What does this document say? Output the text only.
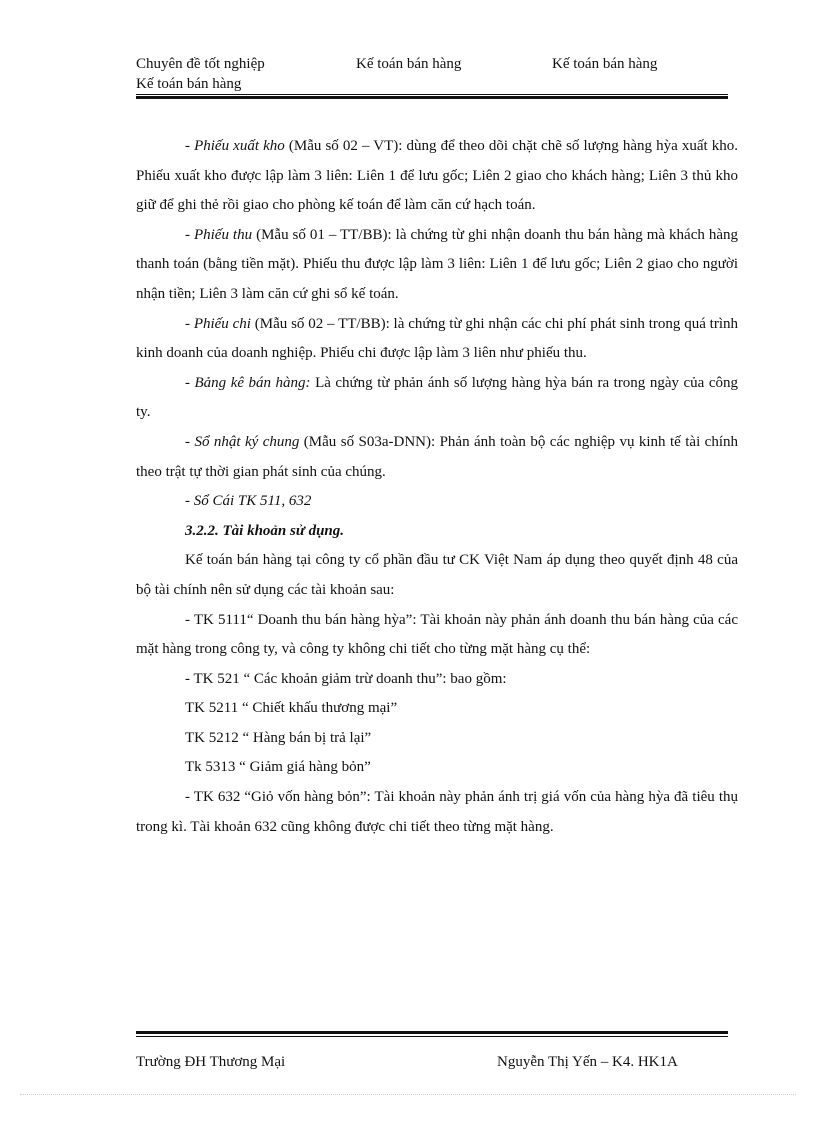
Chuyên đề tốt nghiệp	Kế toán bán hàng	Kế toán bán hàng
Kế toán bán hàng

- Phiếu xuất kho (Mẫu số 02 – VT): dùng để theo dõi chặt chẽ số lượng hàng hỳa xuất kho. Phiếu xuất kho được lập làm 3 liên: Liên 1 để lưu gốc; Liên 2 giao cho khách hàng; Liên 3 thủ kho giữ để ghi thẻ rồi giao cho phòng kế toán để làm căn cứ hạch toán.

- Phiếu thu (Mẫu số 01 – TT/BB): là chứng từ ghi nhận doanh thu bán hàng mà khách hàng thanh toán (bằng tiền mặt). Phiếu thu được lập làm 3 liên: Liên 1 để lưu gốc; Liên 2 giao cho người nhận tiền; Liên 3 làm căn cứ ghi sổ kế toán.

- Phiếu chi (Mẫu số 02 – TT/BB): là chứng từ ghi nhận các chi phí phát sinh trong quá trình kinh doanh của doanh nghiệp. Phiếu chi được lập làm 3 liên như phiếu thu.

- Bảng kê bán hàng: Là chứng từ phản ánh số lượng hàng hỳa bán ra trong ngày của công ty.

- Sổ nhật ký chung (Mẫu số S03a-DNN): Phản ánh toàn bộ các nghiệp vụ kinh tế tài chính theo trật tự thời gian phát sinh của chúng.

- Sổ Cái TK 511, 632

3.2.2. Tài khoản sử dụng.

Kế toán bán hàng tại công ty cổ phần đầu tư CK Việt Nam áp dụng theo quyết định 48 của bộ tài chính nên sử dụng các tài khoản sau:

- TK 5111“ Doanh thu bán hàng hỳa”: Tài khoản này phản ánh doanh thu bán hàng của các mặt hàng trong công ty, và công ty không chi tiết cho từng mặt hàng cụ thể:

- TK 521 “ Các khoản giảm trừ doanh thu”: bao gồm:

TK 5211 “ Chiết khấu thương mại”

TK 5212 “ Hàng bán bị trả lại”

Tk 5313 “ Giảm giá hàng bỏn”

- TK 632 “Giỏ vốn hàng bỏn”: Tài khoản này phản ánh trị giá vốn của hàng hỳa đã tiêu thụ trong kì. Tài khoản 632 cũng không được chi tiết theo từng mặt hàng.

Trường ĐH Thương Mại	Nguyễn Thị Yến – K4. HK1A
